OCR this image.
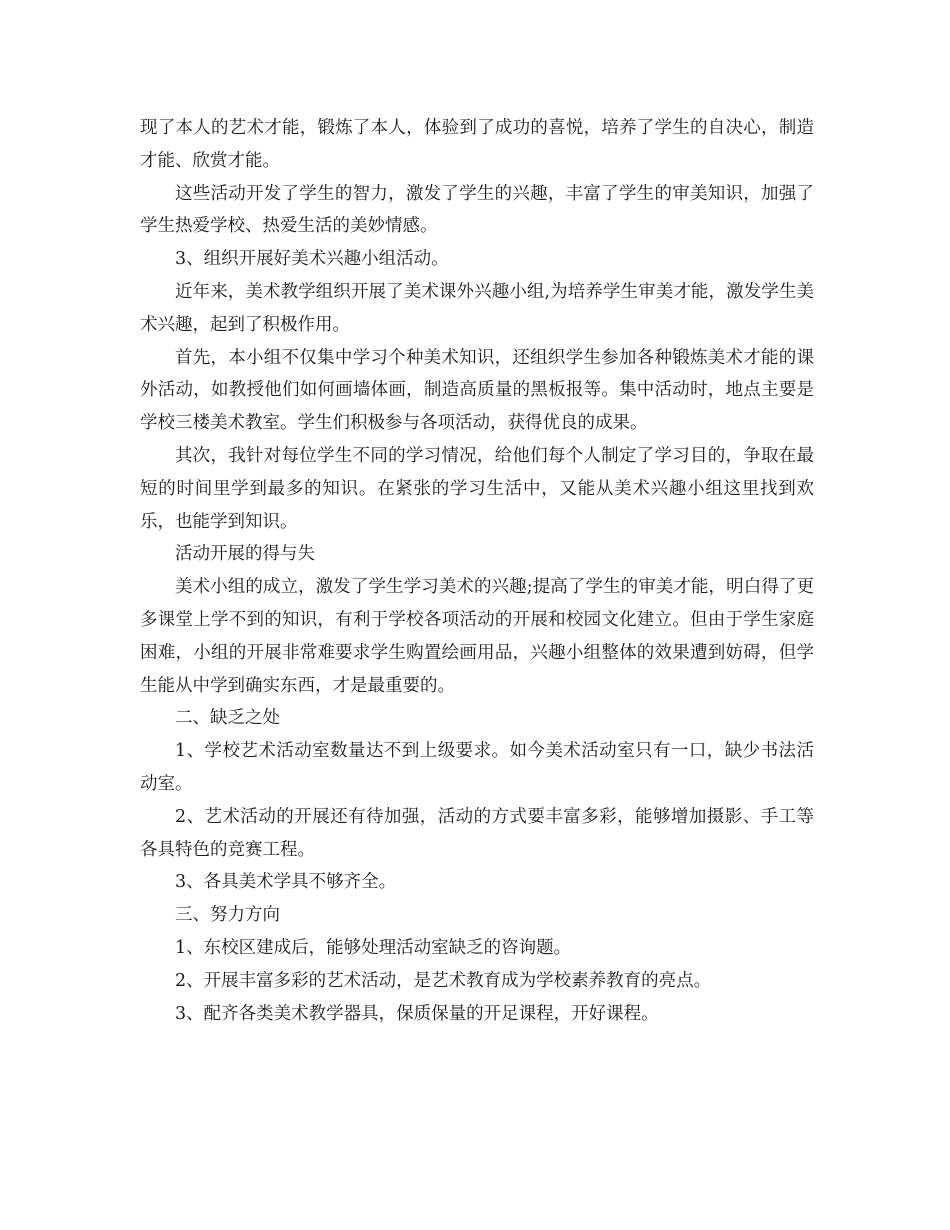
现了本人的艺术才能，锻炼了本人，体验到了成功的喜悦，培养了学生的自决心，制造才能、欣赏才能。

这些活动开发了学生的智力，激发了学生的兴趣，丰富了学生的审美知识，加强了学生热爱学校、热爱生活的美妙情感。

3、组织开展好美术兴趣小组活动。

近年来，美术教学组织开展了美术课外兴趣小组,为培养学生审美才能，激发学生美术兴趣，起到了积极作用。

首先，本小组不仅集中学习个种美术知识，还组织学生参加各种锻炼美术才能的课外活动，如教授他们如何画墙体画，制造高质量的黑板报等。集中活动时，地点主要是学校三楼美术教室。学生们积极参与各项活动，获得优良的成果。

其次，我针对每位学生不同的学习情况，给他们每个人制定了学习目的，争取在最短的时间里学到最多的知识。在紧张的学习生活中，又能从美术兴趣小组这里找到欢乐，也能学到知识。

活动开展的得与失

美术小组的成立，激发了学生学习美术的兴趣;提高了学生的审美才能，明白得了更多课堂上学不到的知识，有利于学校各项活动的开展和校园文化建立。但由于学生家庭困难，小组的开展非常难要求学生购置绘画用品，兴趣小组整体的效果遭到妨碍，但学生能从中学到确实东西，才是最重要的。

二、缺乏之处

1、学校艺术活动室数量达不到上级要求。如今美术活动室只有一口，缺少书法活动室。

2、艺术活动的开展还有待加强，活动的方式要丰富多彩，能够增加摄影、手工等各具特色的竞赛工程。

3、各具美术学具不够齐全。

三、努力方向

1、东校区建成后，能够处理活动室缺乏的咨询题。

2、开展丰富多彩的艺术活动，是艺术教育成为学校素养教育的亮点。

3、配齐各类美术教学器具，保质保量的开足课程，开好课程。
